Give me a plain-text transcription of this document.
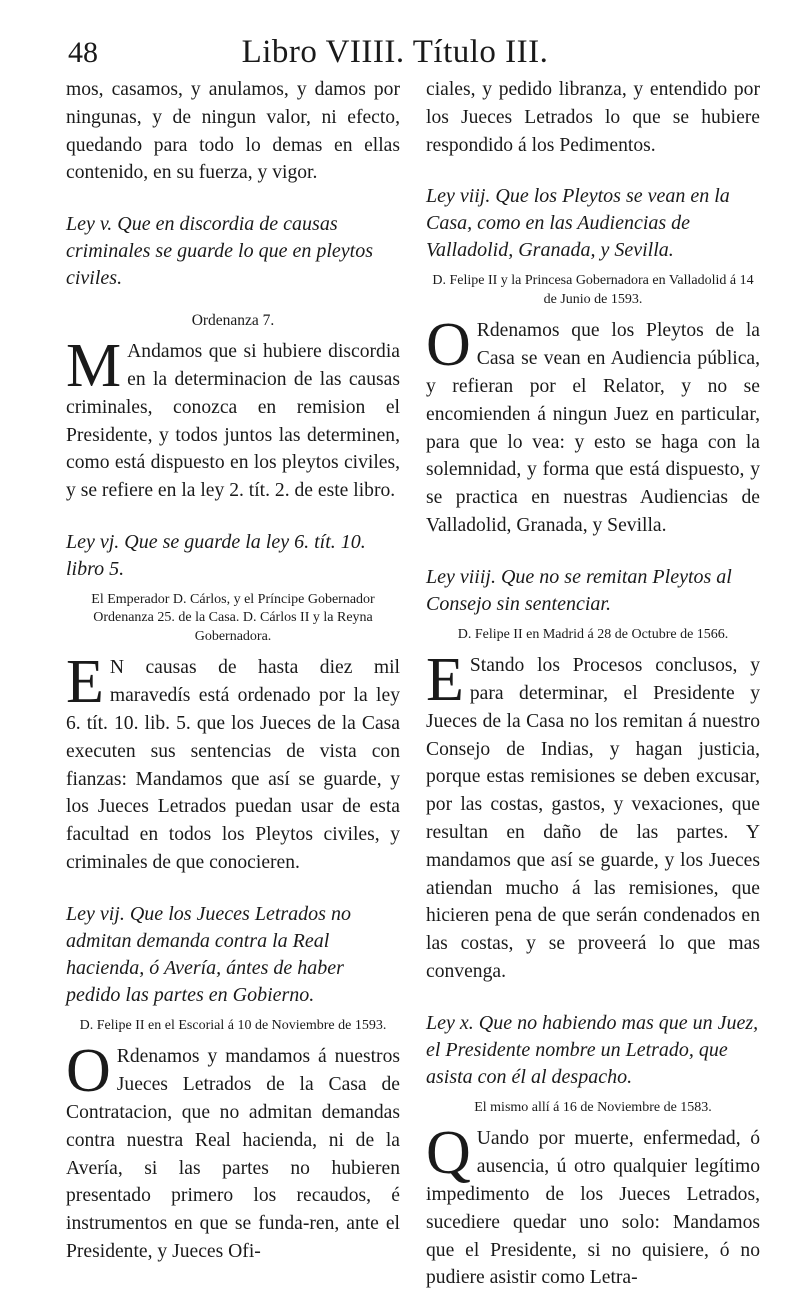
48	Libro VIIII. Título III.

mos, casamos, y anulamos, y damos por ningunas, y de ningun valor, ni efecto, quedando para todo lo demas en ellas contenido, en su fuerza, y vigor.

Ley v. Que en discordia de causas criminales se guarde lo que en pleytos civiles.

Ordenanza 7.

M Andamos que si hubiere discordia en la determinacion de las causas criminales, conozca en remision el Presidente, y todos juntos las determinen, como está dispuesto en los pleytos civiles, y se refiere en la ley 2. tít. 2. de este libro.

Ley vj. Que se guarde la ley 6. tít. 10. libro 5.

El Emperador D. Cárlos, y el Príncipe Gobernador Ordenanza 25. de la Casa. D. Cárlos II y la Reyna Gobernadora.

E N causas de hasta diez mil maravedís está ordenado por la ley 6. tít. 10. lib. 5. que los Jueces de la Casa executen sus sentencias de vista con fianzas: Mandamos que así se guarde, y los Jueces Letrados puedan usar de esta facultad en todos los Pleytos civiles, y criminales de que conocieren.

Ley vij. Que los Jueces Letrados no admitan demanda contra la Real hacienda, ó Avería, ántes de haber pedido las partes en Gobierno.

D. Felipe II en el Escorial á 10 de Noviembre de 1593.

O Rdenamos y mandamos á nuestros Jueces Letrados de la Casa de Contratacion, que no admitan demandas contra nuestra Real hacienda, ni de la Avería, si las partes no hubieren presentado primero los recaudos, é instrumentos en que se funda-ren, ante el Presidente, y Jueces Ofi-

ciales, y pedido libranza, y entendido por los Jueces Letrados lo que se hubiere respondido á los Pedimentos.

Ley viij. Que los Pleytos se vean en la Casa, como en las Audiencias de Valladolid, Granada, y Sevilla.

D. Felipe II y la Princesa Gobernadora en Valladolid á 14 de Junio de 1593.

O Rdenamos que los Pleytos de la Casa se vean en Audiencia pública, y refieran por el Relator, y no se encomienden á ningun Juez en particular, para que lo vea: y esto se haga con la solemnidad, y forma que está dispuesto, y se practica en nuestras Audiencias de Valladolid, Granada, y Sevilla.

Ley viiij. Que no se remitan Pleytos al Consejo sin sentenciar.

D. Felipe II en Madrid á 28 de Octubre de 1566.

E Stando los Procesos conclusos, y para determinar, el Presidente y Jueces de la Casa no los remitan á nuestro Consejo de Indias, y hagan justicia, porque estas remisiones se deben excusar, por las costas, gastos, y vexaciones, que resultan en daño de las partes. Y mandamos que así se guarde, y los Jueces atiendan mucho á las remisiones, que hicieren pena de que serán condenados en las costas, y se proveerá lo que mas convenga.

Ley x. Que no habiendo mas que un Juez, el Presidente nombre un Letrado, que asista con él al despacho.

El mismo allí á 16 de Noviembre de 1583.

Q Uando por muerte, enfermedad, ó ausencia, ú otro qualquier legítimo impedimento de los Jueces Letrados, sucediere quedar uno solo: Mandamos que el Presidente, si no quisiere, ó no pudiere asistir como Letra-
